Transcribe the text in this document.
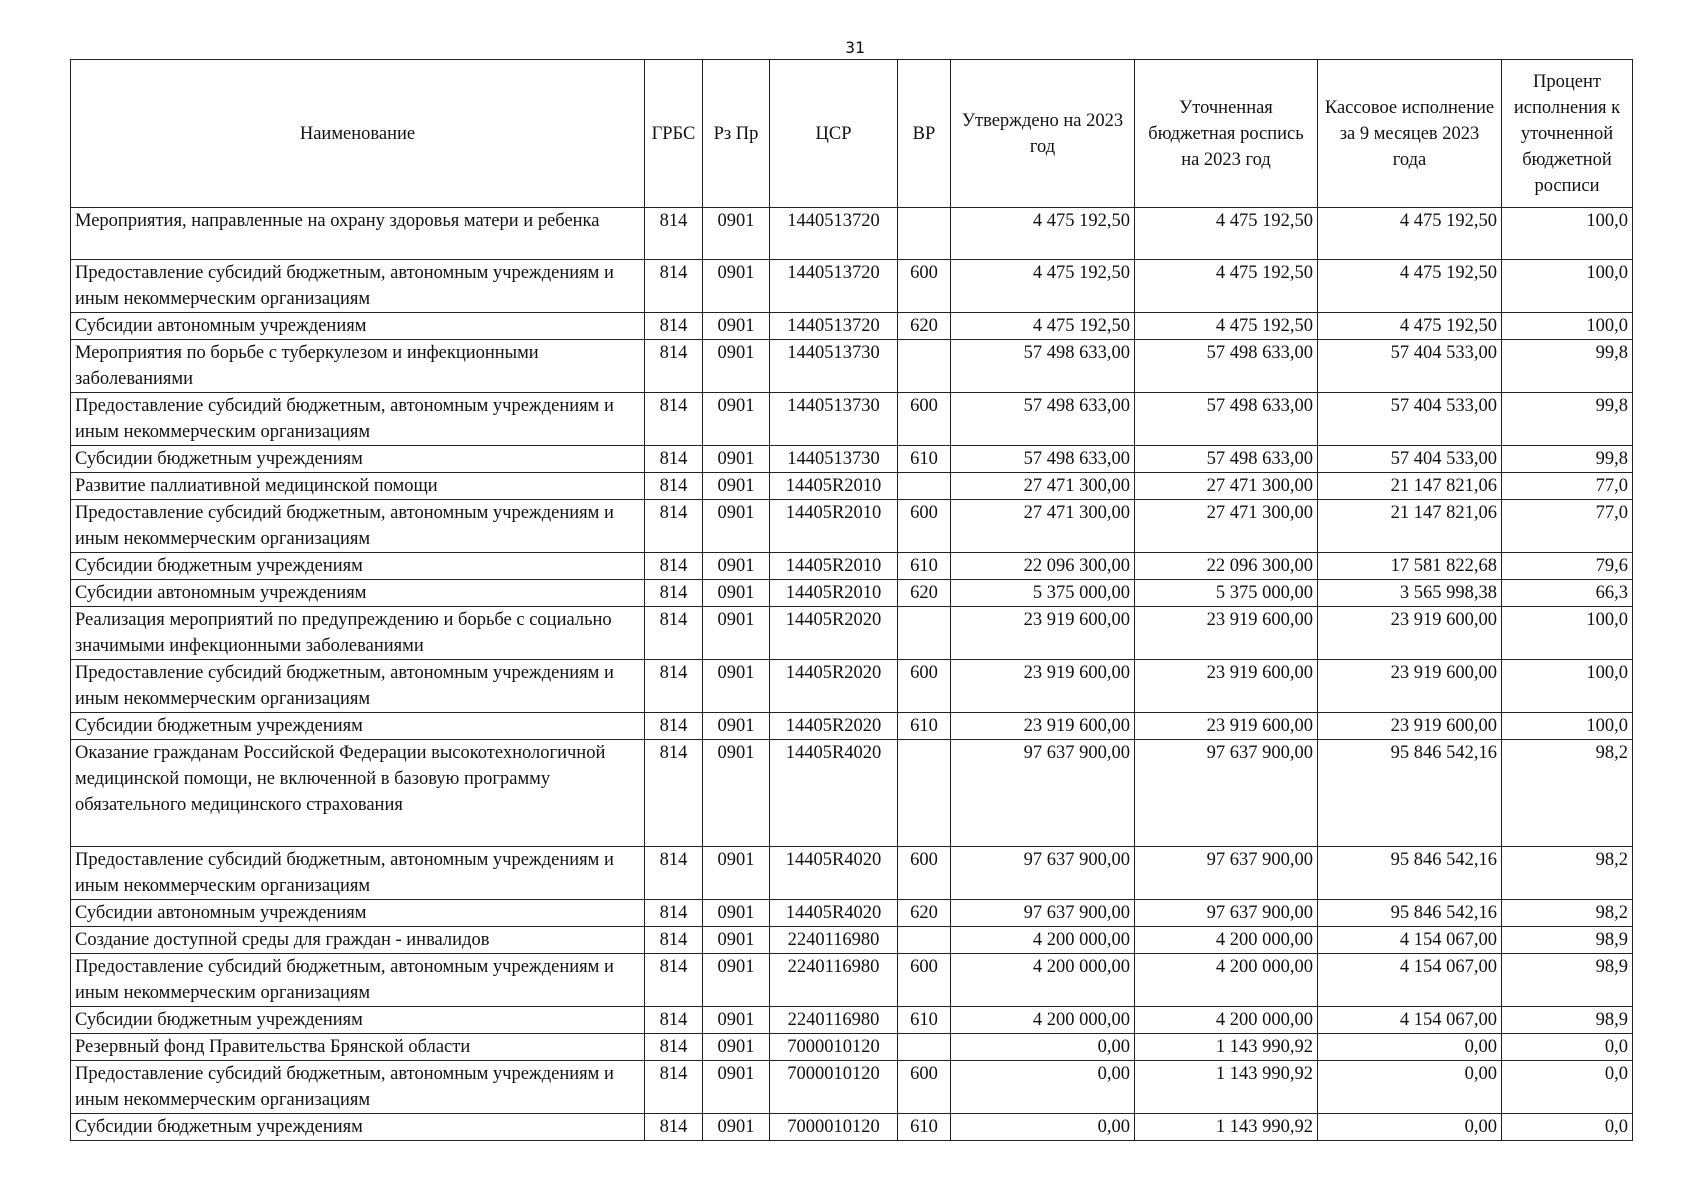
31
Наименование	ГРБС	Рз Пр	ЦСР	ВР	Утверждено на 2023 год	Уточненная бюджетная роспись на 2023 год	Кассовое исполнение за 9 месяцев 2023 года	Процент исполнения к уточненной бюджетной росписи
Мероприятия, направленные на охрану здоровья матери и ребенка	814	0901	1440513720		4 475 192,50	4 475 192,50	4 475 192,50	100,0
Предоставление субсидий бюджетным, автономным учреждениям и иным некоммерческим организациям	814	0901	1440513720	600	4 475 192,50	4 475 192,50	4 475 192,50	100,0
Субсидии автономным учреждениям	814	0901	1440513720	620	4 475 192,50	4 475 192,50	4 475 192,50	100,0
Мероприятия по борьбе с туберкулезом и инфекционными заболеваниями	814	0901	1440513730		57 498 633,00	57 498 633,00	57 404 533,00	99,8
Предоставление субсидий бюджетным, автономным учреждениям и иным некоммерческим организациям	814	0901	1440513730	600	57 498 633,00	57 498 633,00	57 404 533,00	99,8
Субсидии бюджетным учреждениям	814	0901	1440513730	610	57 498 633,00	57 498 633,00	57 404 533,00	99,8
Развитие паллиативной медицинской помощи	814	0901	14405R2010		27 471 300,00	27 471 300,00	21 147 821,06	77,0
Предоставление субсидий бюджетным, автономным учреждениям и иным некоммерческим организациям	814	0901	14405R2010	600	27 471 300,00	27 471 300,00	21 147 821,06	77,0
Субсидии бюджетным учреждениям	814	0901	14405R2010	610	22 096 300,00	22 096 300,00	17 581 822,68	79,6
Субсидии автономным учреждениям	814	0901	14405R2010	620	5 375 000,00	5 375 000,00	3 565 998,38	66,3
Реализация мероприятий по предупреждению и борьбе с социально значимыми инфекционными заболеваниями	814	0901	14405R2020		23 919 600,00	23 919 600,00	23 919 600,00	100,0
Предоставление субсидий бюджетным, автономным учреждениям и иным некоммерческим организациям	814	0901	14405R2020	600	23 919 600,00	23 919 600,00	23 919 600,00	100,0
Субсидии бюджетным учреждениям	814	0901	14405R2020	610	23 919 600,00	23 919 600,00	23 919 600,00	100,0
Оказание гражданам Российской Федерации высокотехнологичной медицинской помощи, не включенной в базовую программу обязательного медицинского страхования	814	0901	14405R4020		97 637 900,00	97 637 900,00	95 846 542,16	98,2
Предоставление субсидий бюджетным, автономным учреждениям и иным некоммерческим организациям	814	0901	14405R4020	600	97 637 900,00	97 637 900,00	95 846 542,16	98,2
Субсидии автономным учреждениям	814	0901	14405R4020	620	97 637 900,00	97 637 900,00	95 846 542,16	98,2
Создание доступной среды для граждан - инвалидов	814	0901	2240116980		4 200 000,00	4 200 000,00	4 154 067,00	98,9
Предоставление субсидий бюджетным, автономным учреждениям и иным некоммерческим организациям	814	0901	2240116980	600	4 200 000,00	4 200 000,00	4 154 067,00	98,9
Субсидии бюджетным учреждениям	814	0901	2240116980	610	4 200 000,00	4 200 000,00	4 154 067,00	98,9
Резервный фонд Правительства Брянской области	814	0901	7000010120		0,00	1 143 990,92	0,00	0,0
Предоставление субсидий бюджетным, автономным учреждениям и иным некоммерческим организациям	814	0901	7000010120	600	0,00	1 143 990,92	0,00	0,0
Субсидии бюджетным учреждениям	814	0901	7000010120	610	0,00	1 143 990,92	0,00	0,0
